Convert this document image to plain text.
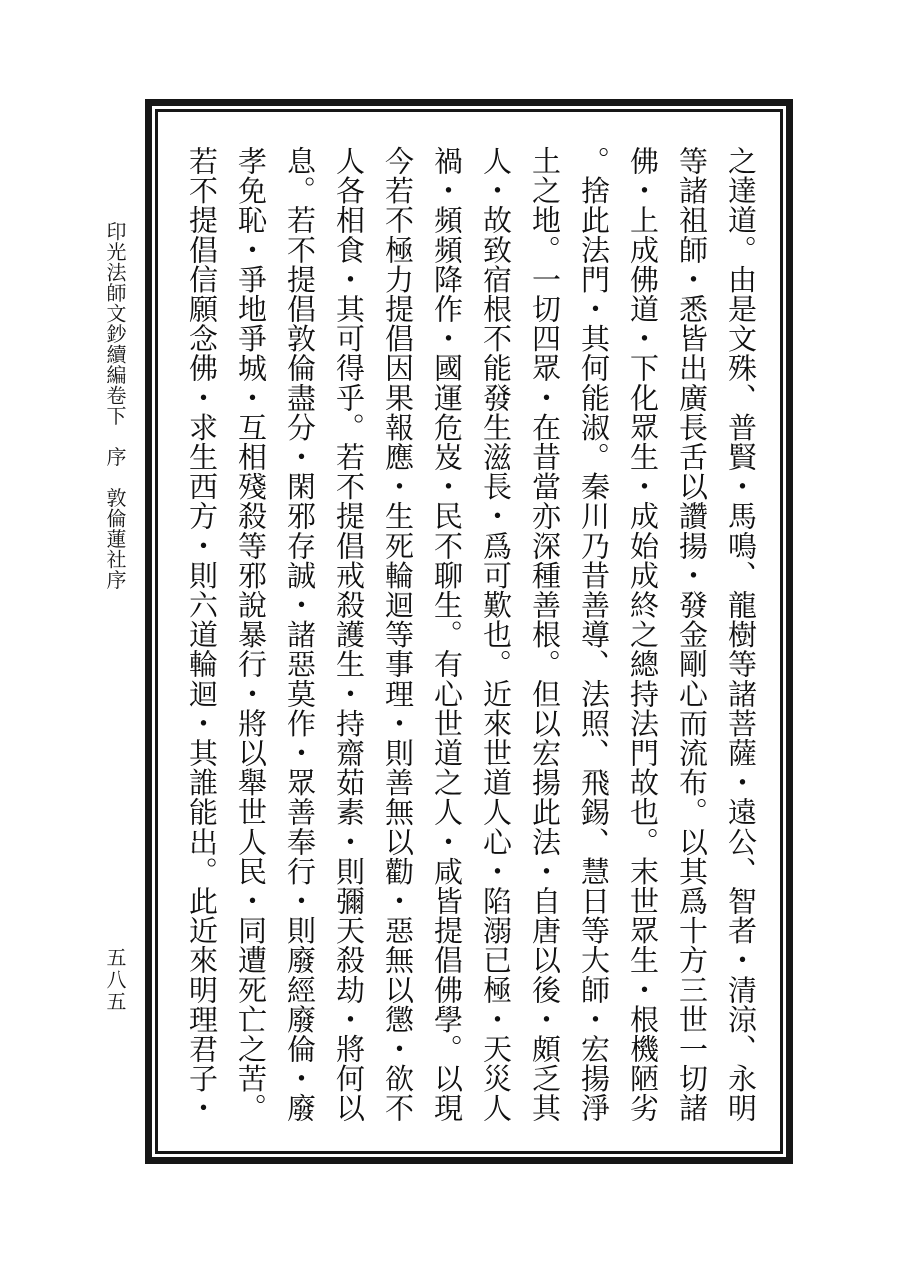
印光法師文鈔續編卷下　序　敦倫蓮社序
五八五	之達道。由是文殊、普賢・馬鳴、龍樹等諸菩薩・遠公、智者・清涼、永明
等諸祖師・悉皆出廣長舌以讚揚・發金剛心而流布。以其爲十方三世一切諸
佛・上成佛道・下化眾生・成始成終之總持法門故也。末世眾生・根機陋劣
。捨此法門・其何能淑。秦川乃昔善導、法照、飛錫、慧日等大師・宏揚淨
土之地。一切四眾・在昔當亦深種善根。但以宏揚此法・自唐以後・頗乏其
人・故致宿根不能發生滋長・爲可歎也。近來世道人心・陷溺已極・天災人
禍・頻頻降作・國運危岌・民不聊生。有心世道之人・咸皆提倡佛學。以現
今若不極力提倡因果報應・生死輪迴等事理・則善無以勸・惡無以懲・欲不
人各相食・其可得乎。若不提倡戒殺護生・持齋茹素・則彌天殺劫・將何以
息。若不提倡敦倫盡分・閑邪存誠・諸惡莫作・眾善奉行・則廢經廢倫・廢
孝免恥・爭地爭城・互相殘殺等邪說暴行・將以舉世人民・同遭死亡之苦。
若不提倡信願念佛・求生西方・則六道輪迴・其誰能出。此近來明理君子・
